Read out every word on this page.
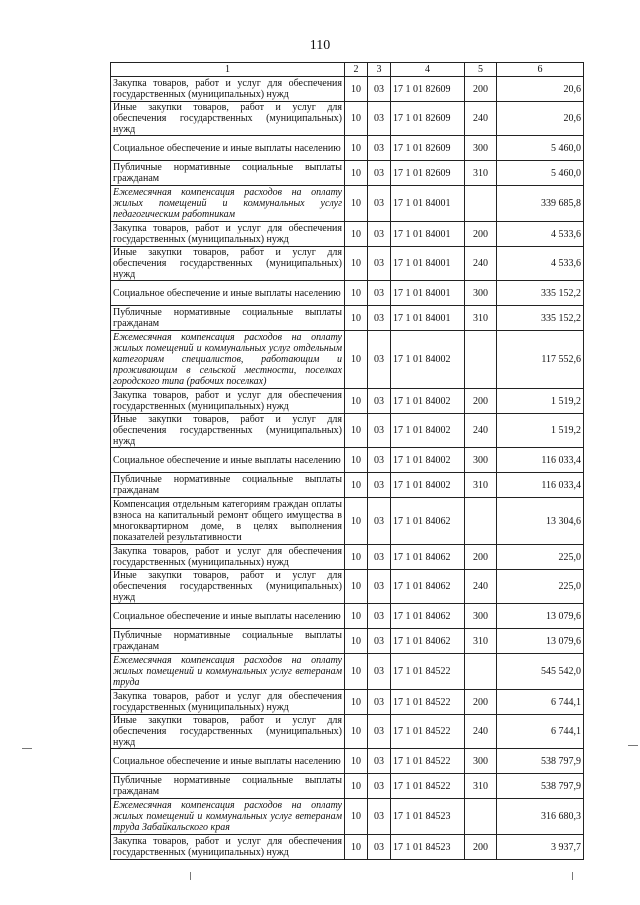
110
1	2	3	4	5	6
Закупка товаров, работ и услуг для обеспечения государственных (муниципальных) нужд	10	03	17 1 01 82609	200	20,6
Иные закупки товаров, работ и услуг для обеспечения государственных (муниципальных) нужд	10	03	17 1 01 82609	240	20,6
Социальное обеспечение и иные выплаты населению	10	03	17 1 01 82609	300	5 460,0
Публичные нормативные социальные выплаты гражданам	10	03	17 1 01 82609	310	5 460,0
Ежемесячная компенсация расходов на оплату жилых помещений и коммунальных услуг педагогическим работникам	10	03	17 1 01 84001		339 685,8
Закупка товаров, работ и услуг для обеспечения государственных (муниципальных) нужд	10	03	17 1 01 84001	200	4 533,6
Иные закупки товаров, работ и услуг для обеспечения государственных (муниципальных) нужд	10	03	17 1 01 84001	240	4 533,6
Социальное обеспечение и иные выплаты населению	10	03	17 1 01 84001	300	335 152,2
Публичные нормативные социальные выплаты гражданам	10	03	17 1 01 84001	310	335 152,2
Ежемесячная компенсация расходов на оплату жилых помещений и коммунальных услуг отдельным категориям специалистов, работающим и проживающим в сельской местности, поселках городского типа (рабочих поселках)	10	03	17 1 01 84002		117 552,6
Закупка товаров, работ и услуг для обеспечения государственных (муниципальных) нужд	10	03	17 1 01 84002	200	1 519,2
Иные закупки товаров, работ и услуг для обеспечения государственных (муниципальных) нужд	10	03	17 1 01 84002	240	1 519,2
Социальное обеспечение и иные выплаты населению	10	03	17 1 01 84002	300	116 033,4
Публичные нормативные социальные выплаты гражданам	10	03	17 1 01 84002	310	116 033,4
Компенсация отдельным категориям граждан оплаты взноса на капитальный ремонт общего имущества в многоквартирном доме, в целях выполнения показателей результативности	10	03	17 1 01 84062		13 304,6
Закупка товаров, работ и услуг для обеспечения государственных (муниципальных) нужд	10	03	17 1 01 84062	200	225,0
Иные закупки товаров, работ и услуг для обеспечения государственных (муниципальных) нужд	10	03	17 1 01 84062	240	225,0
Социальное обеспечение и иные выплаты населению	10	03	17 1 01 84062	300	13 079,6
Публичные нормативные социальные выплаты гражданам	10	03	17 1 01 84062	310	13 079,6
Ежемесячная компенсация расходов на оплату жилых помещений и коммунальных услуг ветеранам труда	10	03	17 1 01 84522		545 542,0
Закупка товаров, работ и услуг для обеспечения государственных (муниципальных) нужд	10	03	17 1 01 84522	200	6 744,1
Иные закупки товаров, работ и услуг для обеспечения государственных (муниципальных) нужд	10	03	17 1 01 84522	240	6 744,1
Социальное обеспечение и иные выплаты населению	10	03	17 1 01 84522	300	538 797,9
Публичные нормативные социальные выплаты гражданам	10	03	17 1 01 84522	310	538 797,9
Ежемесячная компенсация расходов на оплату жилых помещений и коммунальных услуг ветеранам труда Забайкальского края	10	03	17 1 01 84523		316 680,3
Закупка товаров, работ и услуг для обеспечения государственных (муниципальных) нужд	10	03	17 1 01 84523	200	3 937,7
